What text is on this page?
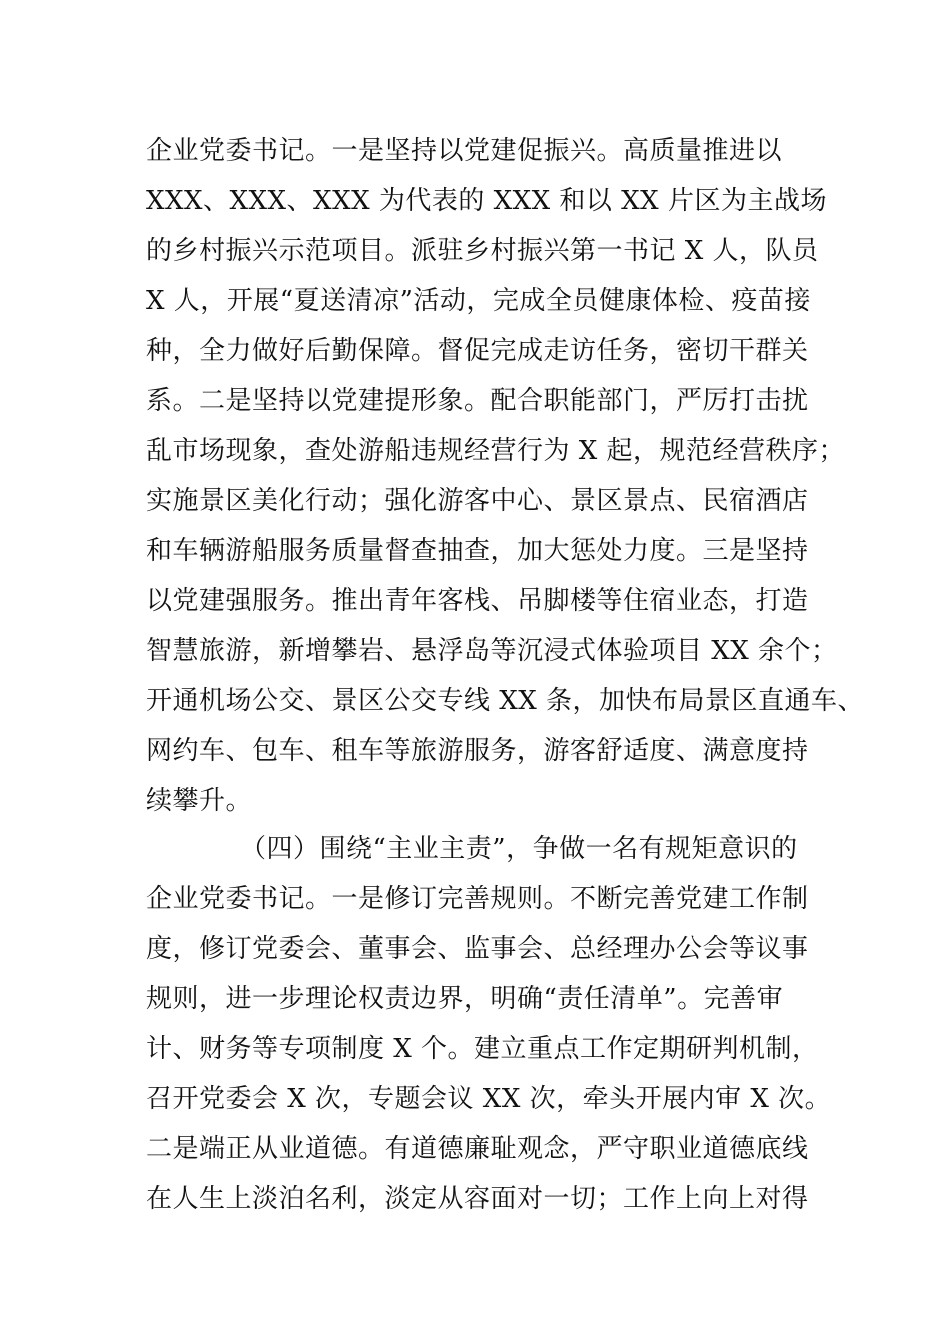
企业党委书记。一是坚持以党建促振兴。高质量推进以

XXX、XXX、XXX 为代表的 XXX 和以 XX 片区为主战场

的乡村振兴示范项目。派驻乡村振兴第一书记 X 人，队员

X 人，开展“夏送清凉”活动，完成全员健康体检、疫苗接

种，全力做好后勤保障。督促完成走访任务，密切干群关

系。二是坚持以党建提形象。配合职能部门，严厉打击扰

乱市场现象，查处游船违规经营行为 X 起，规范经营秩序；

实施景区美化行动；强化游客中心、景区景点、民宿酒店

和车辆游船服务质量督查抽查，加大惩处力度。三是坚持

以党建强服务。推出青年客栈、吊脚楼等住宿业态，打造

智慧旅游，新增攀岩、悬浮岛等沉浸式体验项目 XX 余个；

开通机场公交、景区公交专线 XX 条，加快布局景区直通车、

网约车、包车、租车等旅游服务，游客舒适度、满意度持

续攀升。

（四）围绕“主业主责”，争做一名有规矩意识的

企业党委书记。一是修订完善规则。不断完善党建工作制

度，修订党委会、董事会、监事会、总经理办公会等议事

规则，进一步理论权责边界，明确“责任清单”。完善审

计、财务等专项制度 X 个。建立重点工作定期研判机制，

召开党委会 X 次，专题会议 XX 次，牵头开展内审 X 次。

二是端正从业道德。有道德廉耻观念，严守职业道德底线

在人生上淡泊名利，淡定从容面对一切；工作上向上对得
